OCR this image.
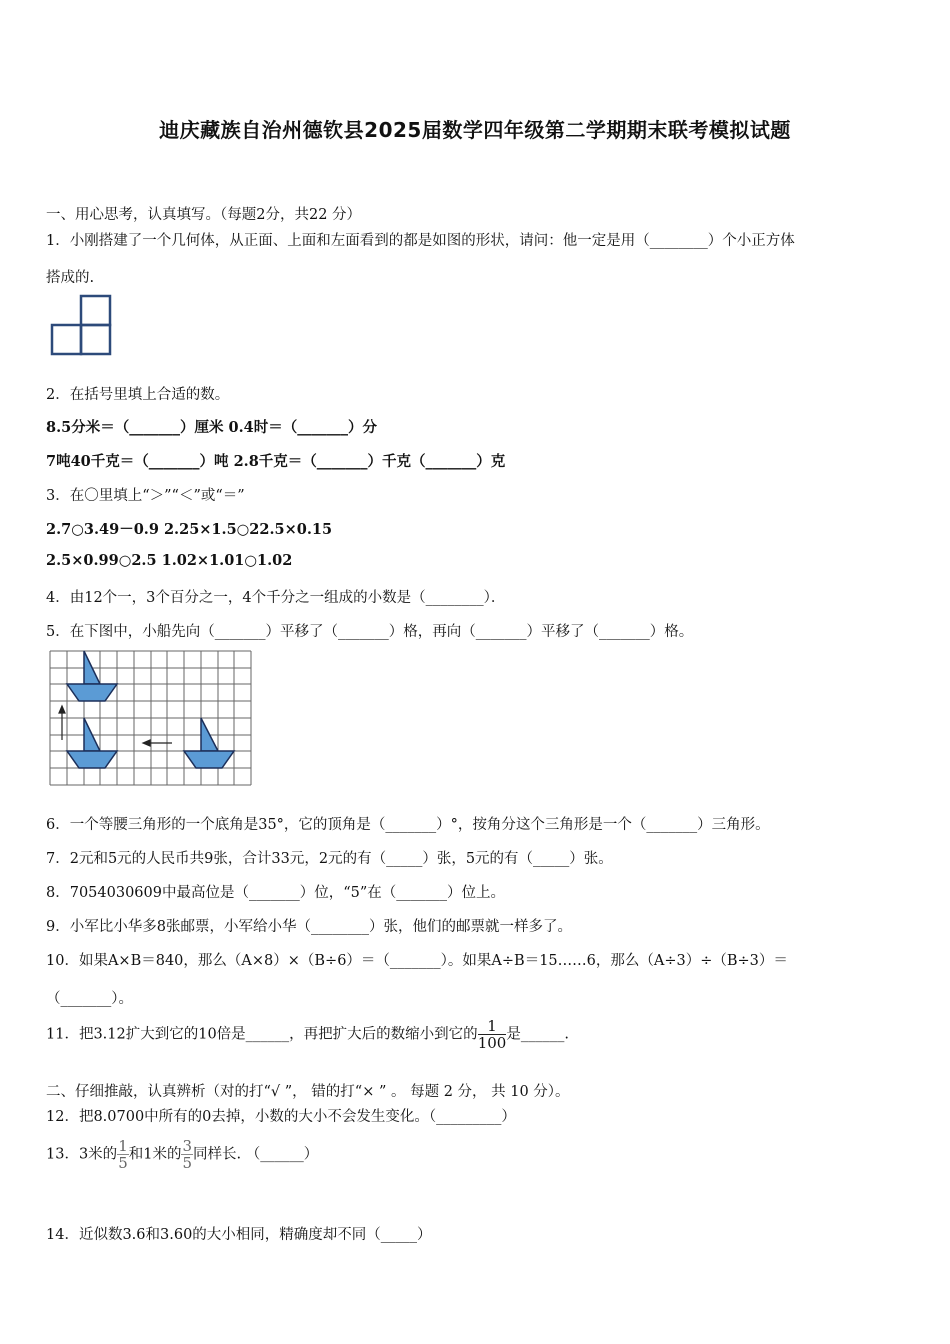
迪庆藏族自治州德钦县2025届数学四年级第二学期期末联考模拟试题
一、用心思考，认真填写。（每题2分，共22 分）
1．小刚搭建了一个几何体，从正面、上面和左面看到的都是如图的形状，请问：他一定是用（________）个小正方体
搭成的.
2．在括号里填上合适的数。
8.5分米＝（_______）厘米 0.4时＝（_______）分
7吨40千克＝（_______）吨 2.8千克＝（_______）千克（_______）克
3．在〇里填上“＞”“＜”或“＝”
2.7○3.49－0.9 2.25×1.5○22.5×0.15
2.5×0.99○2.5 1.02×1.01○1.02
4．由12个一，3个百分之一，4个千分之一组成的小数是（________）．
5．在下图中，小船先向（_______）平移了（_______）格，再向（_______）平移了（_______）格。
6．一个等腰三角形的一个底角是35°，它的顶角是（_______）°，按角分这个三角形是一个（_______）三角形。
7．2元和5元的人民币共9张，合计33元，2元的有（_____）张，5元的有（_____）张。
8．7054030609中最高位是（_______）位，“5”在（_______）位上。
9．小军比小华多8张邮票，小军给小华（________）张，他们的邮票就一样多了。
10．如果A×B＝840，那么（A×8）×（B÷6）＝（_______）。如果A÷B＝15……6，那么（A÷3）÷（B÷3）＝
（_______）。
11．把3.12扩大到它的10倍是______，再把扩大后的数缩小到它的 $\frac{1}{100}$ 是______.
二、仔细推敲，认真辨析（对的打“√ ”， 错的打“× ” 。 每题 2 分， 共 10 分）。
12．把8.0700中所有的0去掉，小数的大小不会发生变化。（_________）
13．3米的 $\frac{1}{5}$ 和1米的 $\frac{3}{5}$ 同样长. （______）
14．近似数3.6和3.60的大小相同，精确度却不同（_____）
